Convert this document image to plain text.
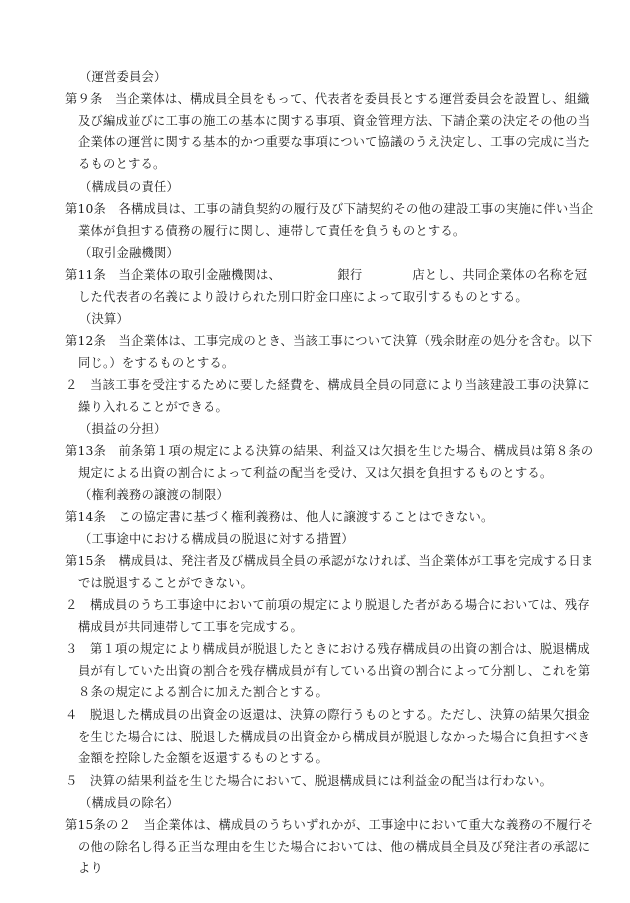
（運営委員会）
第９条　当企業体は、構成員全員をもって、代表者を委員長とする運営委員会を設置し、組織及び編成並びに工事の施工の基本に関する事項、資金管理方法、下請企業の決定その他の当企業体の運営に関する基本的かつ重要な事項について協議のうえ決定し、工事の完成に当たるものとする。
（構成員の責任）
第10条　各構成員は、工事の請負契約の履行及び下請契約その他の建設工事の実施に伴い当企業体が負担する債務の履行に関し、連帯して責任を負うものとする。
（取引金融機関）
第11条　当企業体の取引金融機関は、　　　　　銀行　　　　店とし、共同企業体の名称を冠した代表者の名義により設けられた別口貯金口座によって取引するものとする。
（決算）
第12条　当企業体は、工事完成のとき、当該工事について決算（残余財産の処分を含む。以下同じ。）をするものとする。
２　当該工事を受注するために要した経費を、構成員全員の同意により当該建設工事の決算に繰り入れることができる。
（損益の分担）
第13条　前条第１項の規定による決算の結果、利益又は欠損を生じた場合、構成員は第８条の規定による出資の割合によって利益の配当を受け、又は欠損を負担するものとする。
（権利義務の譲渡の制限）
第14条　この協定書に基づく権利義務は、他人に譲渡することはできない。
（工事途中における構成員の脱退に対する措置）
第15条　構成員は、発注者及び構成員全員の承認がなければ、当企業体が工事を完成する日までは脱退することができない。
２　構成員のうち工事途中において前項の規定により脱退した者がある場合においては、残存構成員が共同連帯して工事を完成する。
３　第１項の規定により構成員が脱退したときにおける残存構成員の出資の割合は、脱退構成員が有していた出資の割合を残存構成員が有している出資の割合によって分割し、これを第８条の規定による割合に加えた割合とする。
４　脱退した構成員の出資金の返還は、決算の際行うものとする。ただし、決算の結果欠損金を生じた場合には、脱退した構成員の出資金から構成員が脱退しなかった場合に負担すべき金額を控除した金額を返還するものとする。
５　決算の結果利益を生じた場合において、脱退構成員には利益金の配当は行わない。
（構成員の除名）
第15条の２　当企業体は、構成員のうちいずれかが、工事途中において重大な義務の不履行その他の除名し得る正当な理由を生じた場合においては、他の構成員全員及び発注者の承認により
